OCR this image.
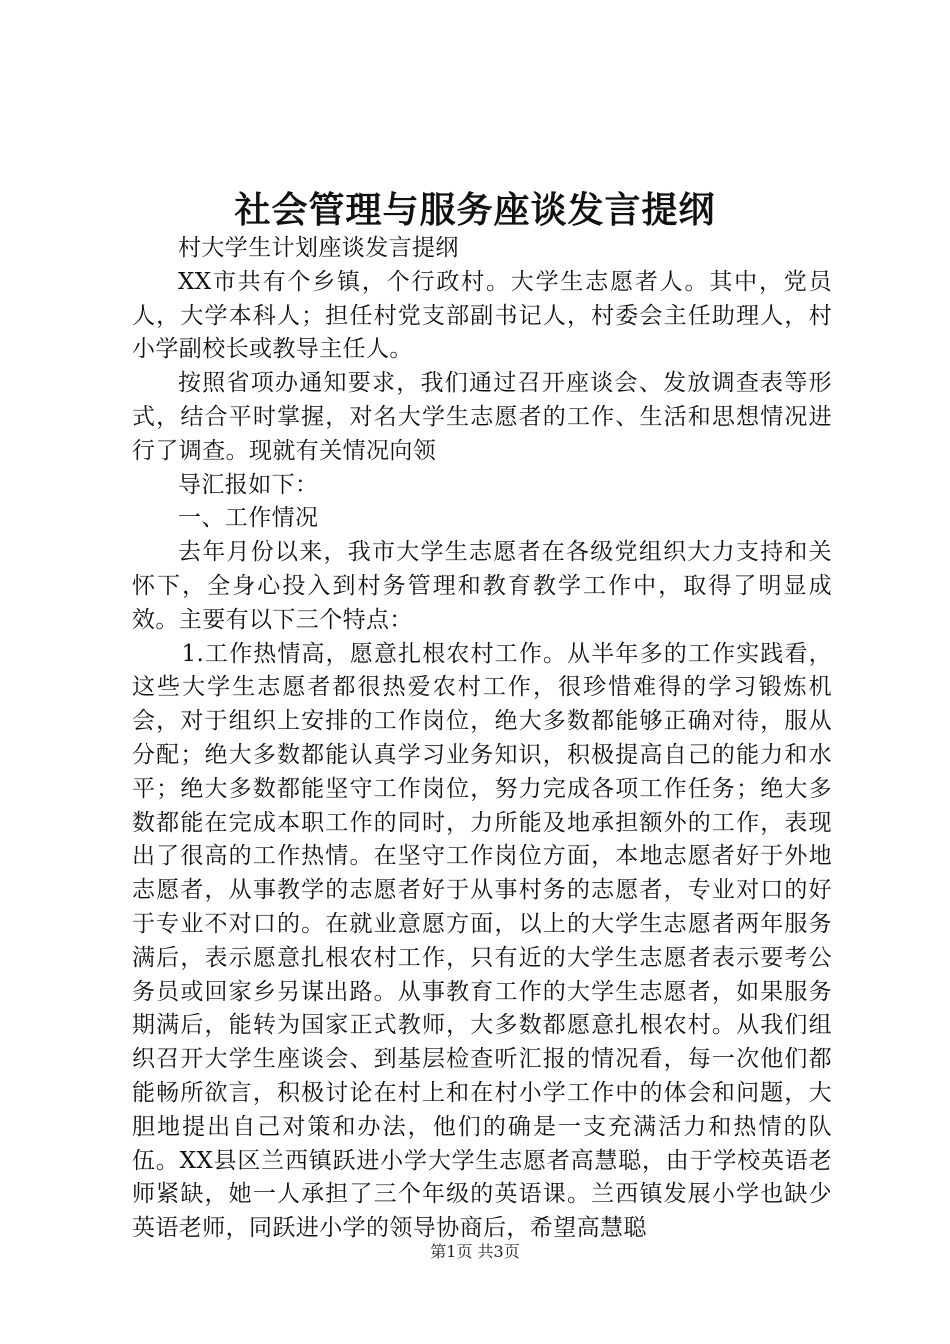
社会管理与服务座谈发言提纲

村大学生计划座谈发言提纲

XX市共有个乡镇，个行政村。大学生志愿者人。其中，党员人，大学本科人；担任村党支部副书记人，村委会主任助理人，村小学副校长或教导主任人。

按照省项办通知要求，我们通过召开座谈会、发放调查表等形式，结合平时掌握，对名大学生志愿者的工作、生活和思想情况进行了调查。现就有关情况向领

导汇报如下：

一、工作情况

去年月份以来，我市大学生志愿者在各级党组织大力支持和关怀下，全身心投入到村务管理和教育教学工作中，取得了明显成效。主要有以下三个特点：

1.工作热情高，愿意扎根农村工作。从半年多的工作实践看，这些大学生志愿者都很热爱农村工作，很珍惜难得的学习锻炼机会，对于组织上安排的工作岗位，绝大多数都能够正确对待，服从分配；绝大多数都能认真学习业务知识，积极提高自己的能力和水平；绝大多数都能坚守工作岗位，努力完成各项工作任务；绝大多数都能在完成本职工作的同时，力所能及地承担额外的工作，表现出了很高的工作热情。在坚守工作岗位方面，本地志愿者好于外地志愿者，从事教学的志愿者好于从事村务的志愿者，专业对口的好于专业不对口的。在就业意愿方面，以上的大学生志愿者两年服务满后，表示愿意扎根农村工作，只有近的大学生志愿者表示要考公务员或回家乡另谋出路。从事教育工作的大学生志愿者，如果服务期满后，能转为国家正式教师，大多数都愿意扎根农村。从我们组织召开大学生座谈会、到基层检查听汇报的情况看，每一次他们都能畅所欲言，积极讨论在村上和在村小学工作中的体会和问题，大胆地提出自己对策和办法，他们的确是一支充满活力和热情的队伍。XX县区兰西镇跃进小学大学生志愿者高慧聪，由于学校英语老师紧缺，她一人承担了三个年级的英语课。兰西镇发展小学也缺少英语老师，同跃进小学的领导协商后，希望高慧聪

第1页 共3页
